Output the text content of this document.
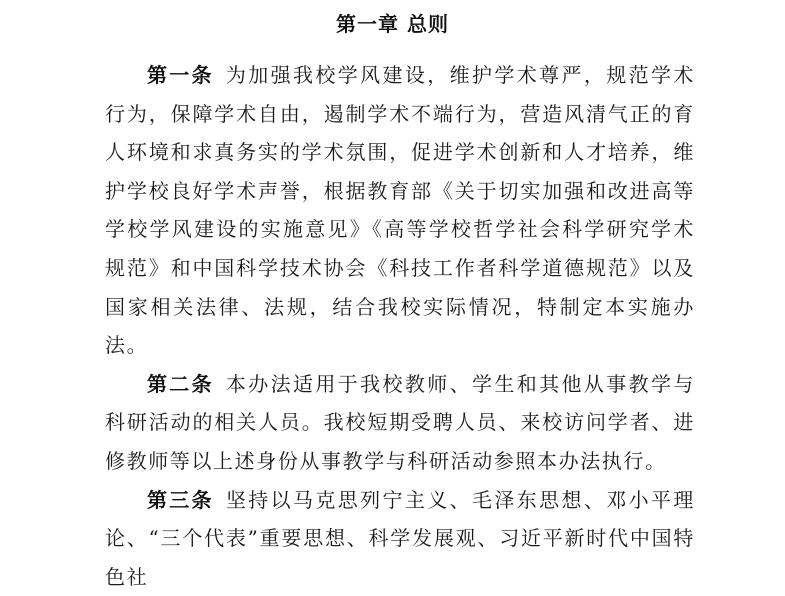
第一章 总则

第一条 为加强我校学风建设，维护学术尊严，规范学术行为，保障学术自由，遏制学术不端行为，营造风清气正的育人环境和求真务实的学术氛围，促进学术创新和人才培养，维护学校良好学术声誉，根据教育部《关于切实加强和改进高等学校学风建设的实施意见》《高等学校哲学社会科学研究学术规范》和中国科学技术协会《科技工作者科学道德规范》以及国家相关法律、法规，结合我校实际情况，特制定本实施办法。

第二条 本办法适用于我校教师、学生和其他从事教学与科研活动的相关人员。我校短期受聘人员、来校访问学者、进修教师等以上述身份从事教学与科研活动参照本办法执行。

第三条 坚持以马克思列宁主义、毛泽东思想、邓小平理论、“三个代表”重要思想、科学发展观、习近平新时代中国特色社
